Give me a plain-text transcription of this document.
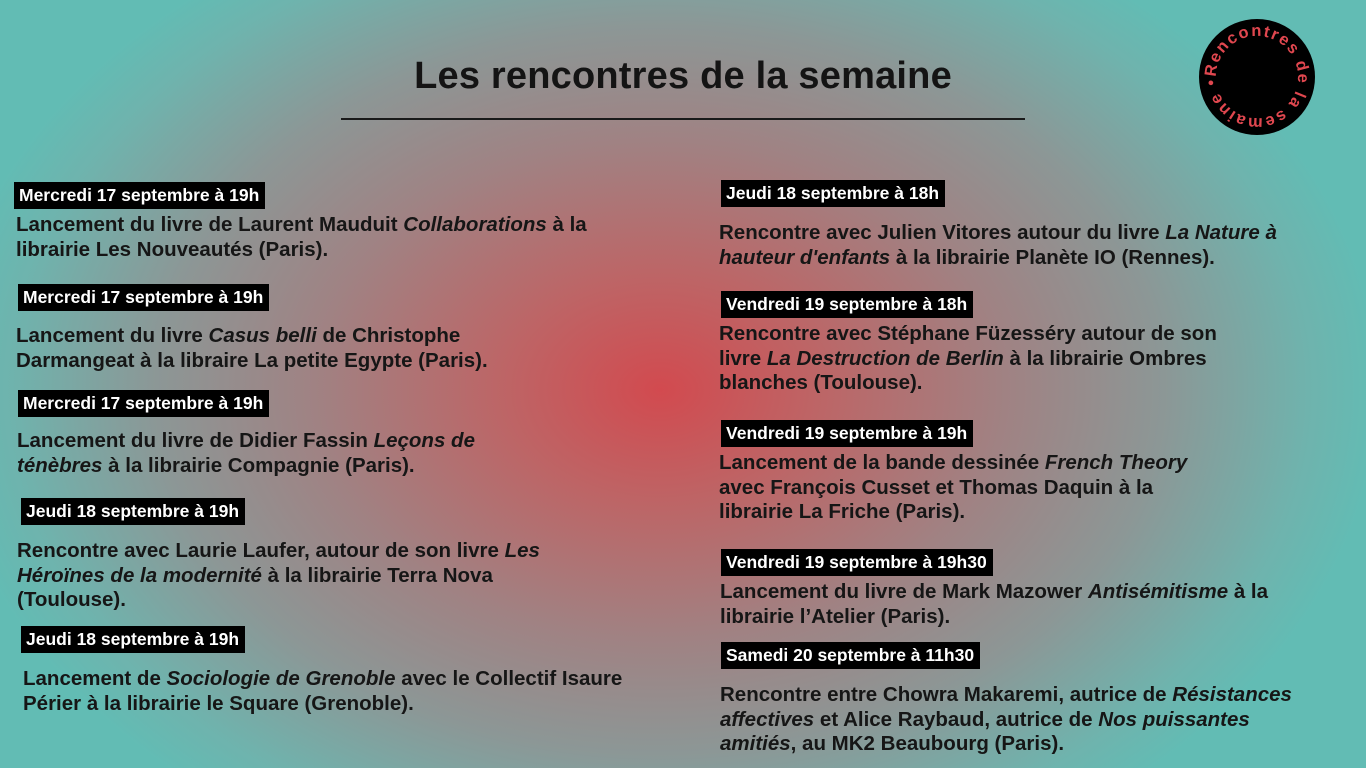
Les rencontres de la semaine	Rencontres de la semaine •
Mercredi 17 septembre à 19h
Lancement du livre de Laurent Mauduit Collaborations à la librairie Les Nouveautés (Paris).
Mercredi 17 septembre à 19h
Lancement du livre Casus belli de Christophe Darmangeat à la libraire La petite Egypte (Paris).
Mercredi 17 septembre à 19h
Lancement du livre de Didier Fassin Leçons de ténèbres à la librairie Compagnie (Paris).
Jeudi 18 septembre à 19h
Rencontre avec Laurie Laufer, autour de son livre Les Héroïnes de la modernité à la librairie Terra Nova (Toulouse).
Jeudi 18 septembre à 19h
Lancement de Sociologie de Grenoble avec le Collectif Isaure Périer à la librairie le Square (Grenoble).
Jeudi 18 septembre à 18h
Rencontre avec Julien Vitores autour du livre La Nature à hauteur d'enfants à la librairie Planète IO (Rennes).
Vendredi 19 septembre à 18h
Rencontre avec Stéphane Füzesséry autour de son livre La Destruction de Berlin à la librairie Ombres blanches (Toulouse).
Vendredi 19 septembre à 19h
Lancement de la bande dessinée French Theory avec François Cusset et Thomas Daquin à la librairie La Friche (Paris).
Vendredi 19 septembre à 19h30
Lancement du livre de Mark Mazower Antisémitisme à la librairie l’Atelier (Paris).
Samedi 20 septembre à 11h30
Rencontre entre Chowra Makaremi, autrice de Résistances affectives et Alice Raybaud, autrice de Nos puissantes amitiés, au MK2 Beaubourg (Paris).
